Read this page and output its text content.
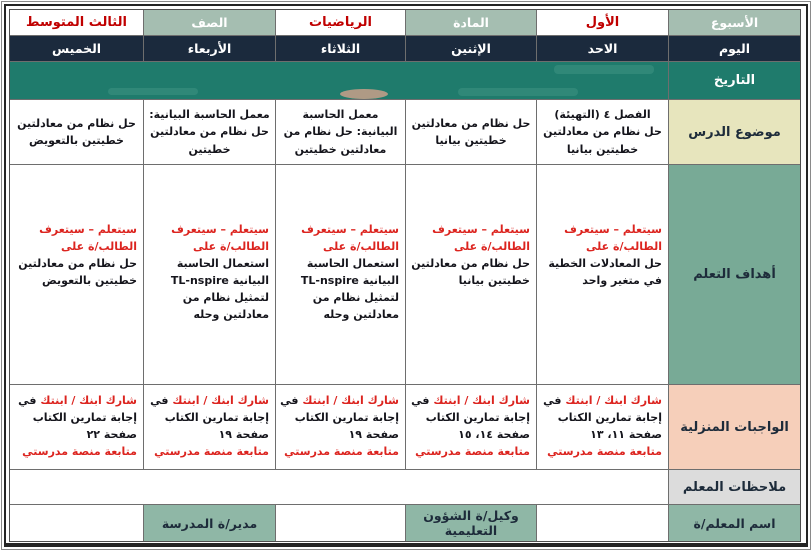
الأسبوع
الأول
المادة
الرياضيات
الصف
الثالث المتوسط
اليوم
الاحد
الإثنين
الثلاثاء
الأربعاء
الخميس
التاريخ
موضوع الدرس
الفصل ٤ (التهيئة)
حل نظام من معادلتين خطيتين بيانيا
حل نظام من معادلتين خطيتين بيانيا
معمل الحاسبة البيانية: حل نظام من معادلتين خطيتين
معمل الحاسبة البيانية: حل نظام من معادلتين خطيتين
حل نظام من معادلتين خطيتين بالتعويض
أهداف التعلم
سيتعلم – سيتعرف الطالب/ة على
حل المعادلات الخطية في متغير واحد
سيتعلم – سيتعرف الطالب/ة على
حل نظام من معادلتين خطيتين بيانيا
سيتعلم – سيتعرف الطالب/ة على
استعمال الحاسبة البيانية TL-nspire لتمثيل نظام من معادلتين وحله
سيتعلم – سيتعرف الطالب/ة على
استعمال الحاسبة البيانية TL-nspire لتمثيل نظام من معادلتين وحله
سيتعلم – سيتعرف الطالب/ة على
حل نظام من معادلتين خطيتين بالتعويض
الواجبات المنزلية
شارك ابنك / ابنتك في إجابة تمارين الكتاب صفحة ١١، ١٣
متابعة منصة مدرستي
شارك ابنك / ابنتك في إجابة تمارين الكتاب صفحة ١٤، ١٥
متابعة منصة مدرستي
شارك ابنك / ابنتك في إجابة تمارين الكتاب صفحة ١٩
متابعة منصة مدرستي
شارك ابنك / ابنتك في إجابة تمارين الكتاب صفحة ١٩
متابعة منصة مدرستي
شارك ابنك / ابنتك في إجابة تمارين الكتاب صفحة ٢٢
متابعة منصة مدرستي
ملاحظات المعلم
اسم المعلم/ة
وكيل/ة الشؤون التعليمية
مدير/ة المدرسة
